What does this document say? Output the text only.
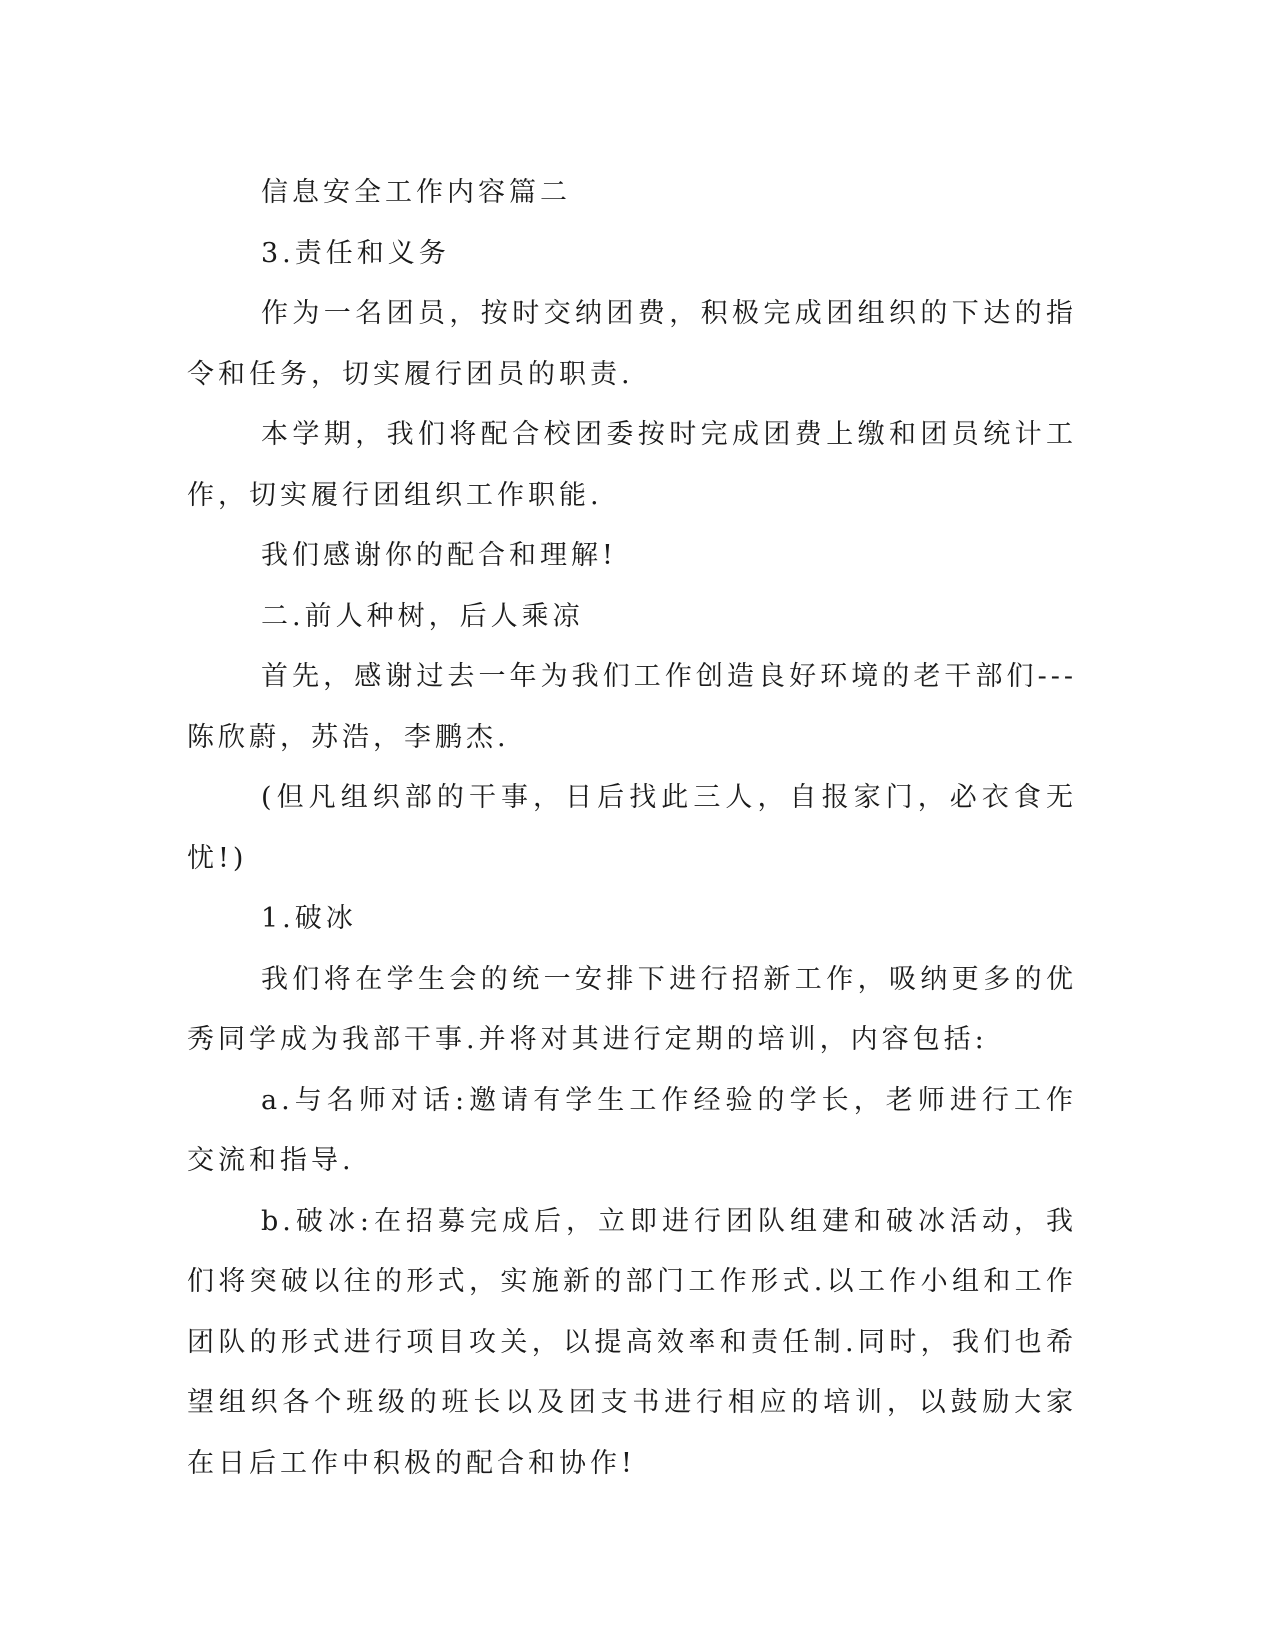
信息安全工作内容篇二

3.责任和义务

作为一名团员，按时交纳团费，积极完成团组织的下达的指令和任务，切实履行团员的职责.

本学期，我们将配合校团委按时完成团费上缴和团员统计工作，切实履行团组织工作职能.

我们感谢你的配合和理解!

二.前人种树，后人乘凉

首先，感谢过去一年为我们工作创造良好环境的老干部们---陈欣蔚，苏浩，李鹏杰.

(但凡组织部的干事，日后找此三人，自报家门，必衣食无忧!)

1.破冰

我们将在学生会的统一安排下进行招新工作，吸纳更多的优秀同学成为我部干事.并将对其进行定期的培训，内容包括:

a.与名师对话:邀请有学生工作经验的学长，老师进行工作交流和指导.

b.破冰:在招募完成后，立即进行团队组建和破冰活动，我们将突破以往的形式，实施新的部门工作形式.以工作小组和工作团队的形式进行项目攻关，以提高效率和责任制.同时，我们也希望组织各个班级的班长以及团支书进行相应的培训，以鼓励大家在日后工作中积极的配合和协作!
